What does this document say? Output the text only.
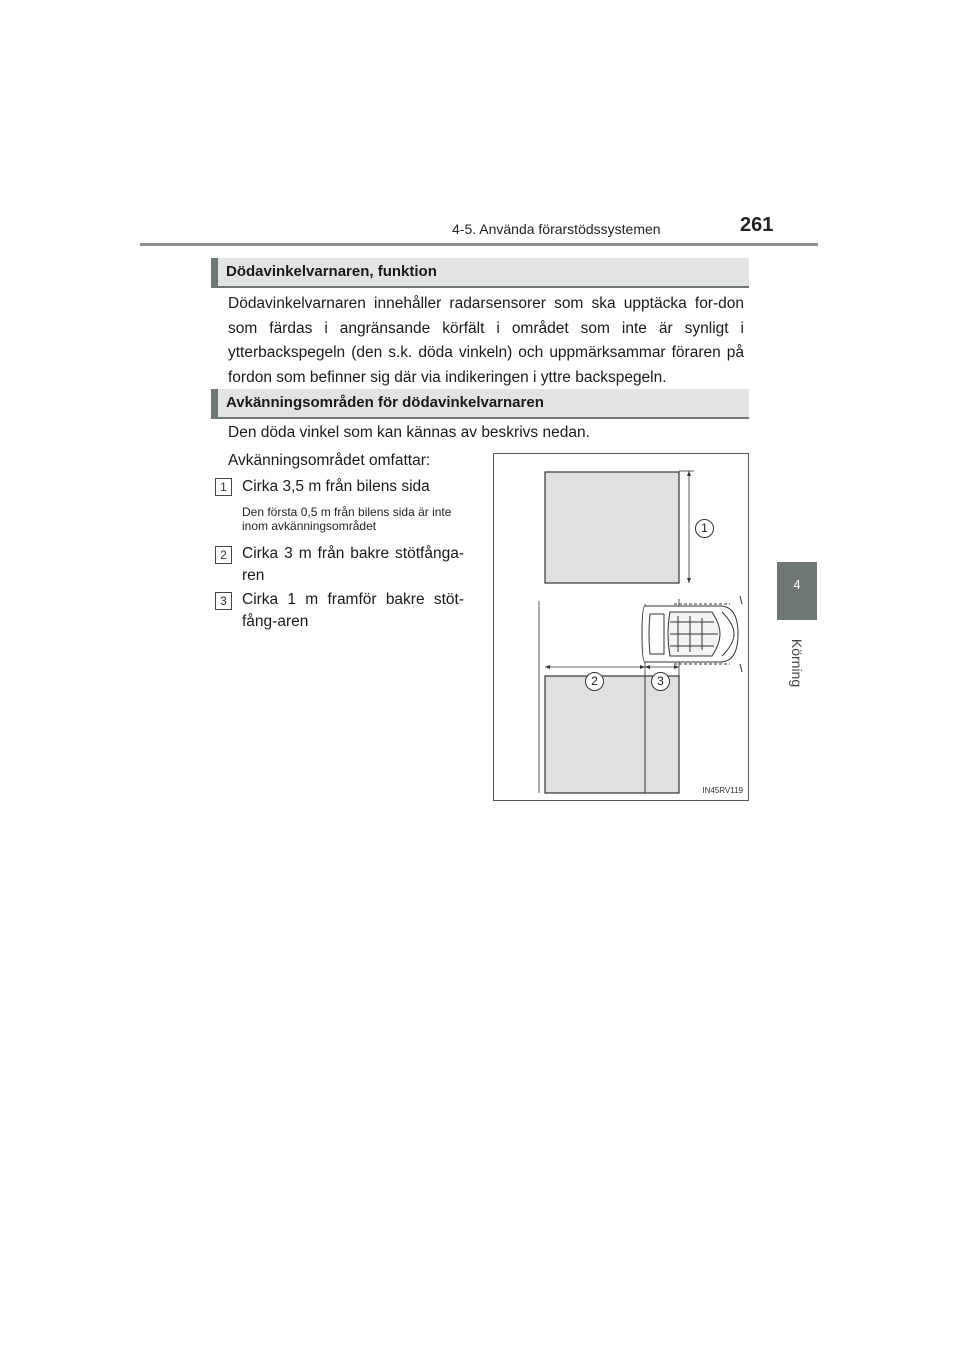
4-5. Använda förarstödssystemen	261
4
Körning
Dödavinkelvarnaren, funktion

Dödavinkelvarnaren innehåller radarsensorer som ska upptäcka for-don som färdas i angränsande körfält i området som inte är synligt i ytterbackspegeln (den s.k. döda vinkeln) och uppmärksammar föraren på fordon som befinner sig där via indikeringen i yttre backspegeln.

Avkänningsområden för dödavinkelvarnaren

Den döda vinkel som kan kännas av beskrivs nedan.

Avkänningsområdet omfattar:

1 Cirka 3,5 m från bilens sida

Den första 0,5 m från bilens sida är inte inom avkänningsområdet

2 Cirka 3 m från bakre stötfånga-ren

3 Cirka 1 m framför bakre stöt-fång-aren

1
2	3
IN45RV119
